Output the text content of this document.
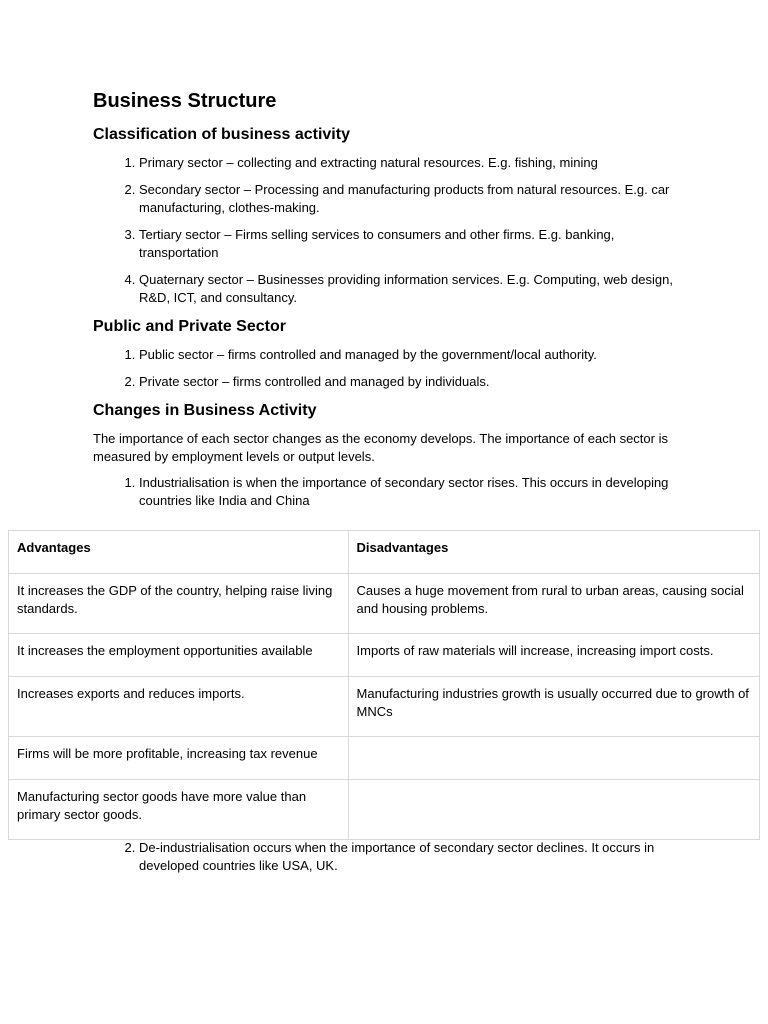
Business Structure
Classification of business activity
1. Primary sector – collecting and extracting natural resources. E.g. fishing, mining
2. Secondary sector – Processing and manufacturing products from natural resources. E.g. car manufacturing, clothes-making.
3. Tertiary sector – Firms selling services to consumers and other firms. E.g. banking, transportation
4. Quaternary sector – Businesses providing information services. E.g. Computing, web design, R&D, ICT, and consultancy.
Public and Private Sector
1. Public sector – firms controlled and managed by the government/local authority.
2. Private sector – firms controlled and managed by individuals.
Changes in Business Activity

The importance of each sector changes as the economy develops. The importance of each sector is measured by employment levels or output levels.

1. Industrialisation is when the importance of secondary sector rises. This occurs in developing countries like India and China
Advantages	Disadvantages
It increases the GDP of the country, helping raise living standards.	Causes a huge movement from rural to urban areas, causing social and housing problems.
It increases the employment opportunities available	Imports of raw materials will increase, increasing import costs.
Increases exports and reduces imports.	Manufacturing industries growth is usually occurred due to growth of MNCs
Firms will be more profitable, increasing tax revenue	
Manufacturing sector goods have more value than primary sector goods.	
2. De-industrialisation occurs when the importance of secondary sector declines. It occurs in developed countries like USA, UK.
